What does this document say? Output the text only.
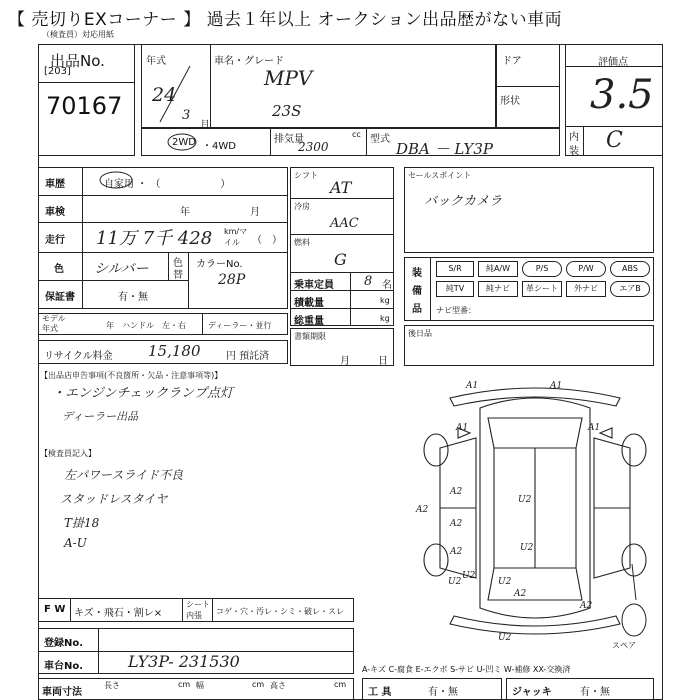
【 売切りEXコーナー 】 過去１年以上 オークション出品歴がない車両
（検査員）対応用紙
出品No.
[203]
70167
年式
24
3
月
車名・グレード
MPV
23S
ドア
形状
評価点
3.5
内
装 C
2WD ・4WD
排気量	cc
2300
型式
DBA － LY3P
車歴	自家用 ・ （　　　　　　）
車検	年	月
走行 11万 7千 428 km/マイル	（　）
色 シルバー 色
替
カラーNo.
28P
保証書	有・無
モデル
年式	年 ハンドル　左・右	ディーラー・並行
リサイクル料金 15,180	円 預託済
シフト
AT
冷房
AAC
燃料
G
乗車定員 8 名
積載量	kg
総重量	kg
セールスポイント
バックカメラ
装
備
品
S/R	純A/W	P/S	P/W	ABS
純TV	純ナビ	革シート	外ナビ	エアB
ナビ型番：
書類期限
月	日
後日品
【出品店申告事項(不良箇所・欠品・注意事項等)】
・エンジンチェックランプ点灯
ディーラー出品
【検査員記入】
左パワースライド不良
スタッドレスタイヤ
T掛18
A-U
A1	A1
A1	A1
A2
U2
A2
A2
U2
A2
U2
U2
A2
U2
A2
U2
スペア
A-キズ C-腐食 E-エクボ S-サビ U-凹ミ W-補修 XX-交換済
F W キズ・飛石・割レ×
シート
内張 コゲ・穴・汚レ・シミ・破レ・スレ
登録No.
車台No.	LY3P- 231530
車両寸法
長さ	cm 幅	cm 高さ	cm
工 具	有・無	ジャッキ	有・無
